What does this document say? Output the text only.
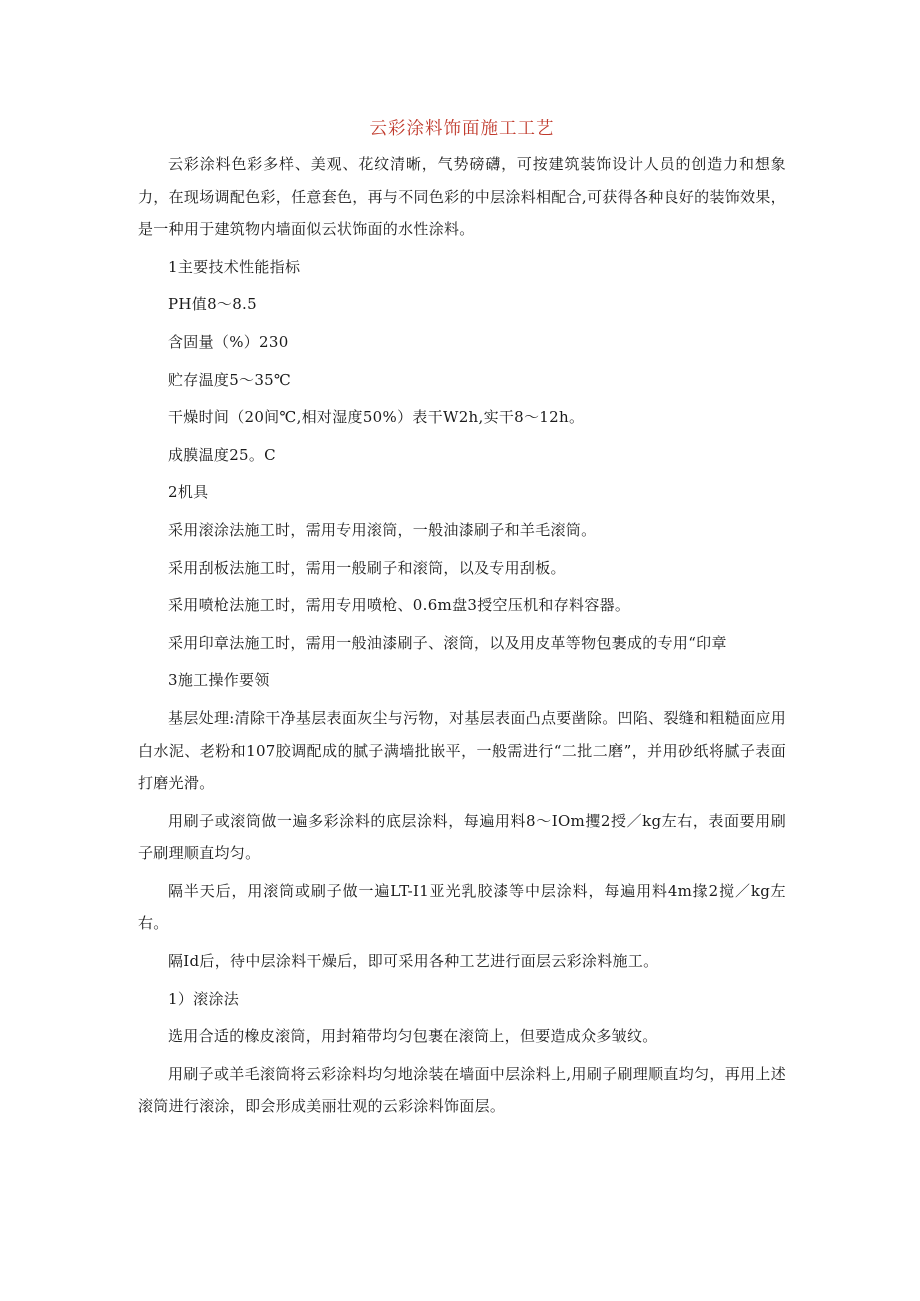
云彩涂料饰面施工工艺

云彩涂料色彩多样、美观、花纹清晰，气势磅礴，可按建筑装饰设计人员的创造力和想象力，在现场调配色彩，任意套色，再与不同色彩的中层涂料相配合,可获得各种良好的装饰效果，是一种用于建筑物内墙面似云状饰面的水性涂料。

1主要技术性能指标

PH值8～8.5

含固量（%）230

贮存温度5～35℃

干燥时间（20间℃,相对湿度50%）表干W2h,实干8～12h。

成膜温度25。C

2机具

采用滚涂法施工时，需用专用滚筒，一般油漆刷子和羊毛滚筒。

采用刮板法施工时，需用一般刷子和滚筒，以及专用刮板。

采用喷枪法施工时，需用专用喷枪、0.6m盘3授空压机和存料容器。

采用印章法施工时，需用一般油漆刷子、滚筒，以及用皮革等物包裹成的专用“印章

3施工操作要领

基层处理:清除干净基层表面灰尘与污物，对基层表面凸点要凿除。凹陷、裂缝和粗糙面应用白水泥、老粉和107胶调配成的腻子满墙批嵌平，一般需进行“二批二磨”，并用砂纸将腻子表面打磨光滑。

用刷子或滚筒做一遍多彩涂料的底层涂料，每遍用料8～IOm攫2授／kg左右，表面要用刷子刷理顺直均匀。

隔半天后，用滚筒或刷子做一遍LT-I1亚光乳胶漆等中层涂料，每遍用料4m掾2搅／kg左右。

隔Id后，待中层涂料干燥后，即可采用各种工艺进行面层云彩涂料施工。

1）滚涂法

选用合适的橡皮滚筒，用封箱带均匀包裹在滚筒上，但要造成众多皱纹。

用刷子或羊毛滚筒将云彩涂料均匀地涂装在墙面中层涂料上,用刷子刷理顺直均匀，再用上述滚筒进行滚涂，即会形成美丽壮观的云彩涂料饰面层。
